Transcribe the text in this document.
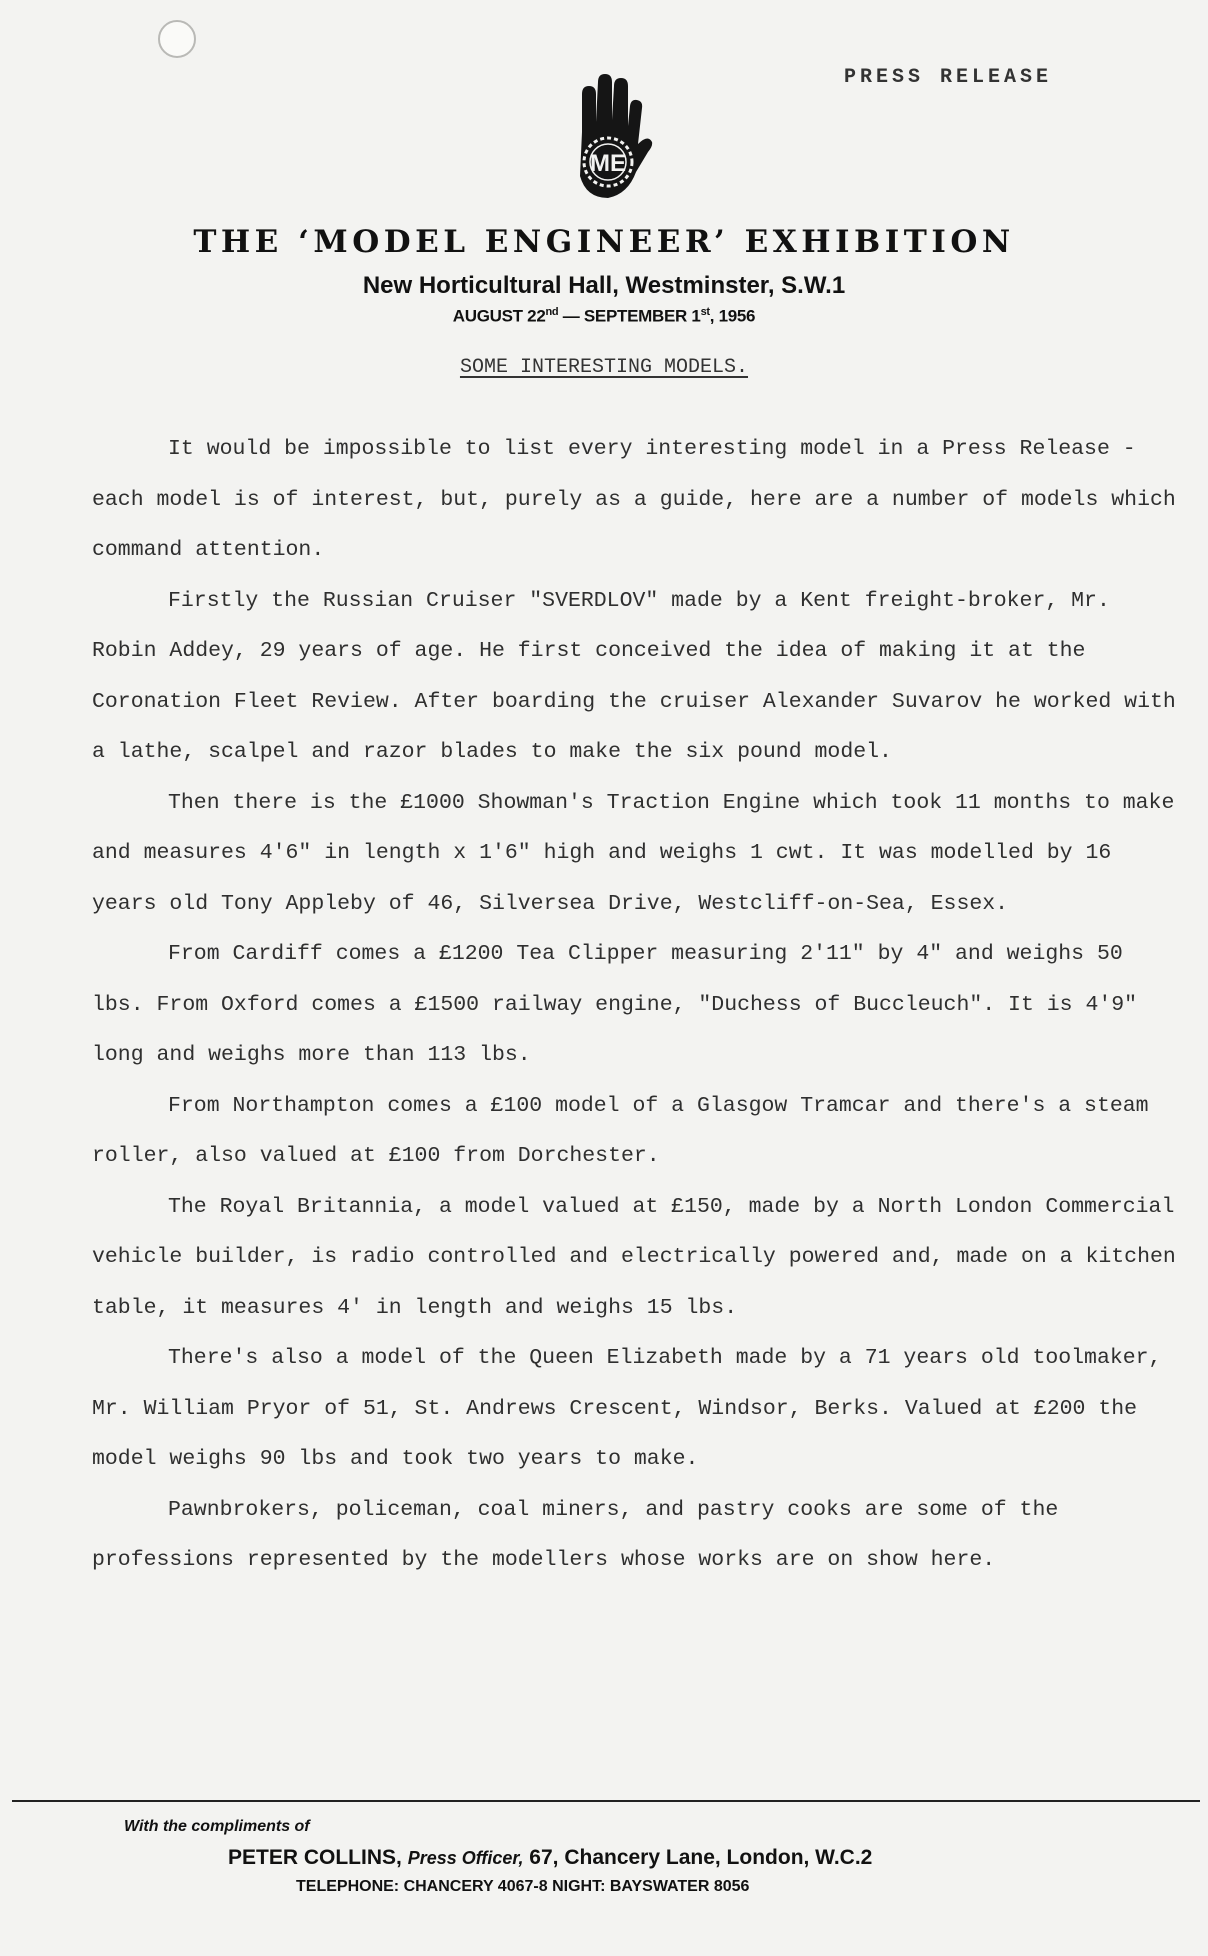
PRESS RELEASE
ME
THE ‘MODEL ENGINEER’ EXHIBITION
New Horticultural Hall, Westminster, S.W.1
AUGUST 22nd — SEPTEMBER 1st, 1956
SOME INTERESTING MODELS.

It would be impossible to list every interesting model in a Press Release - each model is of interest, but, purely as a guide, here are a number of models which command attention.

Firstly the Russian Cruiser "SVERDLOV" made by a Kent freight-broker, Mr. Robin Addey, 29 years of age. He first conceived the idea of making it at the Coronation Fleet Review. After boarding the cruiser Alexander Suvarov he worked with a lathe, scalpel and razor blades to make the six pound model.

Then there is the £1000 Showman's Traction Engine which took 11 months to make and measures 4'6" in length x 1'6" high and weighs 1 cwt. It was modelled by 16 years old Tony Appleby of 46, Silversea Drive, Westcliff-on-Sea, Essex.

From Cardiff comes a £1200 Tea Clipper measuring 2'11" by 4" and weighs 50 lbs. From Oxford comes a £1500 railway engine, "Duchess of Buccleuch". It is 4'9" long and weighs more than 113 lbs.

From Northampton comes a £100 model of a Glasgow Tramcar and there's a steam roller, also valued at £100 from Dorchester.

The Royal Britannia, a model valued at £150, made by a North London Commercial vehicle builder, is radio controlled and electrically powered and, made on a kitchen table, it measures 4' in length and weighs 15 lbs.

There's also a model of the Queen Elizabeth made by a 71 years old toolmaker, Mr. William Pryor of 51, St. Andrews Crescent, Windsor, Berks. Valued at £200 the model weighs 90 lbs and took two years to make.

Pawnbrokers, policeman, coal miners, and pastry cooks are some of the professions represented by the modellers whose works are on show here.

With the compliments of
PETER COLLINS, Press Officer, 67, Chancery Lane, London, W.C.2
TELEPHONE: CHANCERY 4067-8 NIGHT: BAYSWATER 8056
